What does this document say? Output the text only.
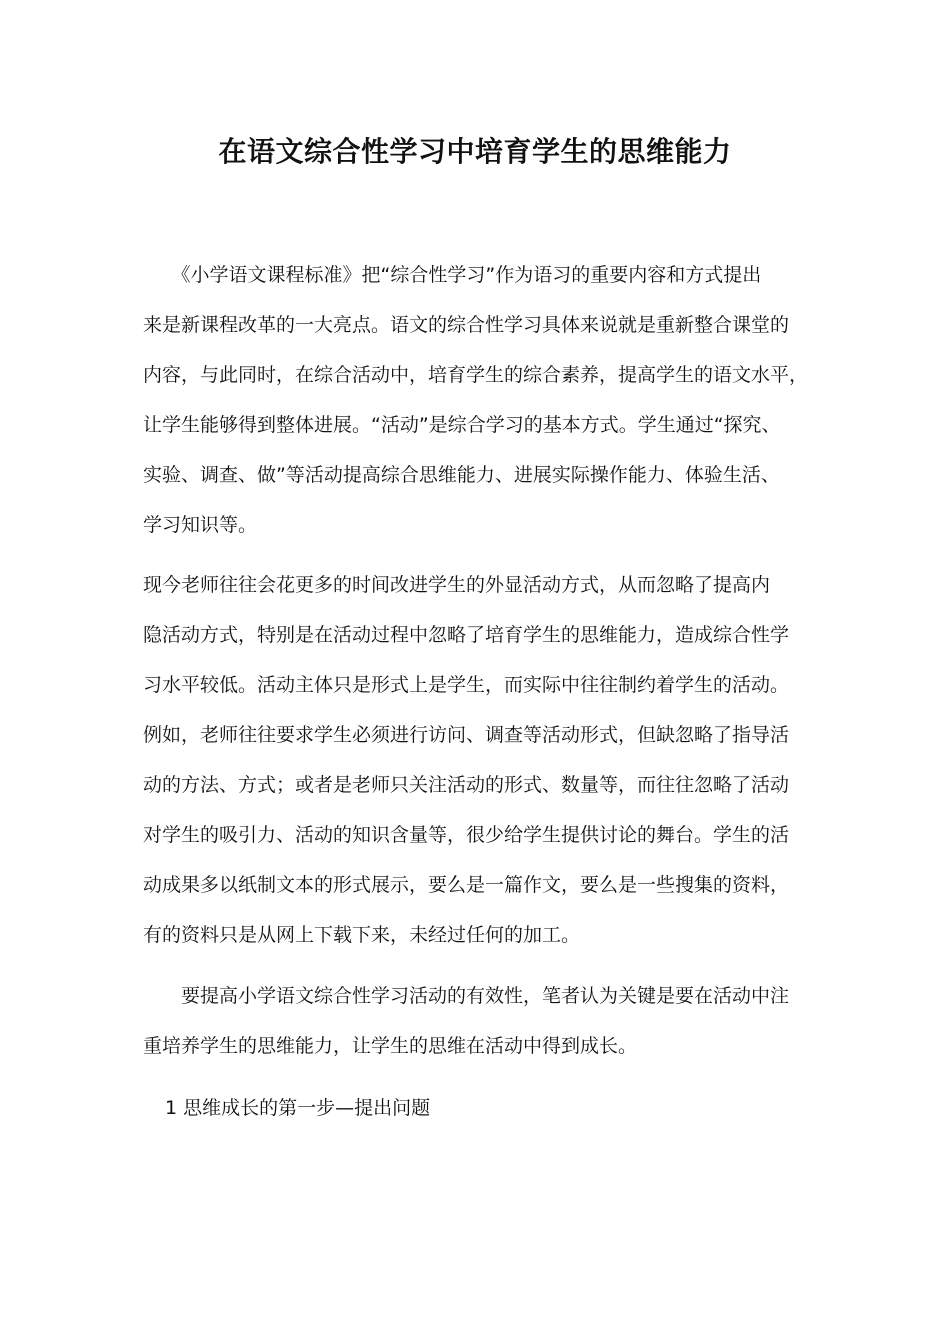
在语文综合性学习中培育学生的思维能力

　　《小学语文课程标准》把“综合性学习”作为语习的重要内容和方式提出
来是新课程改革的一大亮点。语文的综合性学习具体来说就是重新整合课堂的
内容，与此同时，在综合活动中，培育学生的综合素养，提高学生的语文水平，
让学生能够得到整体进展。“活动”是综合学习的基本方式。学生通过“探究、
实验、调查、做”等活动提高综合思维能力、进展实际操作能力、体验生活、
学习知识等。

现今老师往往会花更多的时间改进学生的外显活动方式，从而忽略了提高内
隐活动方式，特别是在活动过程中忽略了培育学生的思维能力，造成综合性学
习水平较低。活动主体只是形式上是学生，而实际中往往制约着学生的活动。
例如，老师往往要求学生必须进行访问、调查等活动形式，但缺忽略了指导活
动的方法、方式；或者是老师只关注活动的形式、数量等，而往往忽略了活动
对学生的吸引力、活动的知识含量等，很少给学生提供讨论的舞台。学生的活
动成果多以纸制文本的形式展示，要么是一篇作文，要么是一些搜集的资料，
有的资料只是从网上下载下来，未经过任何的加工。

　　要提高小学语文综合性学习活动的有效性，笔者认为关键是要在活动中注
重培养学生的思维能力，让学生的思维在活动中得到成长。

1 思维成长的第一步—提出问题
